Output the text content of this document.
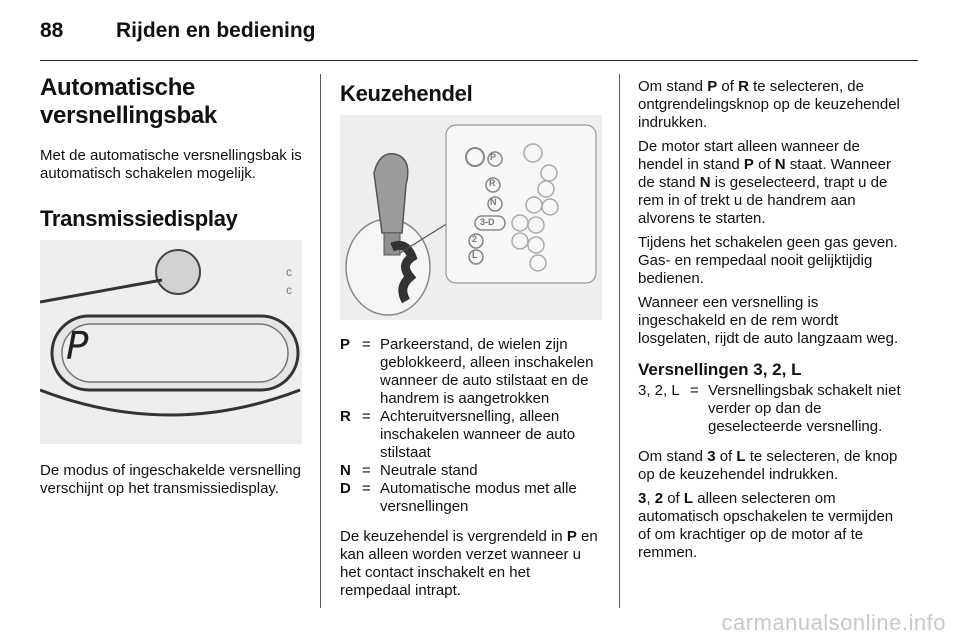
88	Rijden en bediening
Automatische
versnellingsbak

Met de automatische versnellingsbak is automatisch schakelen mogelijk.

Transmissiedisplay
c
c
P

De modus of ingeschakelde versnelling verschijnt op het transmissiedisplay.

Keuzehendel
P
R
N
3-D
2
L
P = Parkeerstand, de wielen zijn geblokkeerd, alleen inschakelen wanneer de auto stilstaat en de handrem is aangetrokken
R = Achteruitversnelling, alleen inschakelen wanneer de auto stilstaat
N = Neutrale stand
D = Automatische modus met alle versnellingen

De keuzehendel is vergrendeld in P en kan alleen worden verzet wanneer u het contact inschakelt en het rempedaal intrapt.

Om stand P of R te selecteren, de ontgrendelingsknop op de keuzehendel indrukken.

De motor start alleen wanneer de hendel in stand P of N staat. Wanneer de stand N is geselecteerd, trapt u de rem in of trekt u de handrem aan alvorens te starten.

Tijdens het schakelen geen gas geven. Gas- en rempedaal nooit gelijktijdig bedienen.

Wanneer een versnelling is ingeschakeld en de rem wordt losgelaten, rijdt de auto langzaam weg.

Versnellingen 3, 2, L
3, 2, L = Versnellingsbak schakelt niet verder op dan de geselecteerde versnelling.

Om stand 3 of L te selecteren, de knop op de keuzehendel indrukken.

3, 2 of L alleen selecteren om automatisch opschakelen te vermijden of om krachtiger op de motor af te remmen.

carmanualsonline.info
